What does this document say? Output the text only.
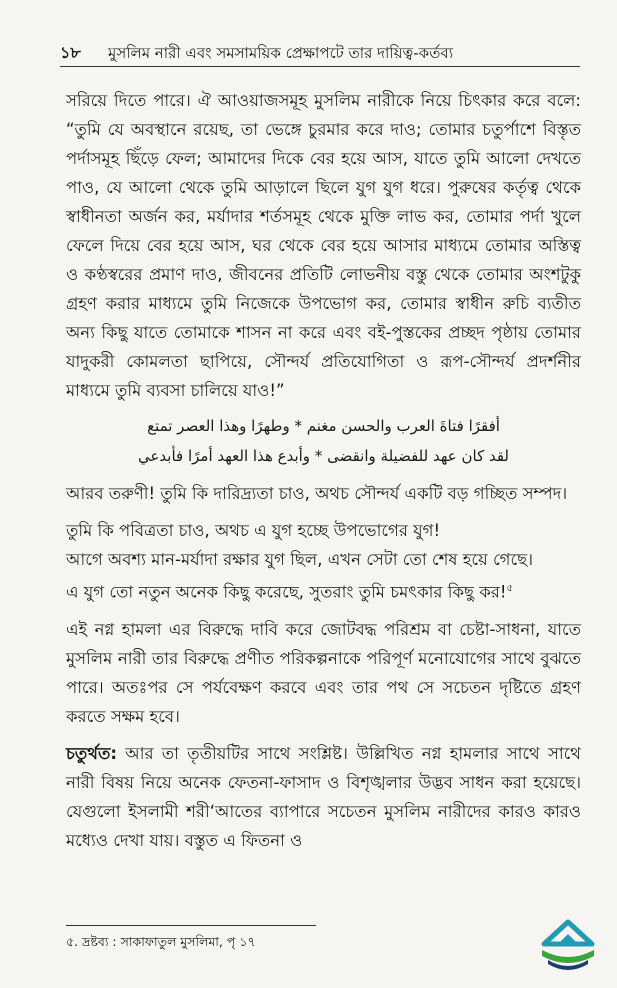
১৮	মুসলিম নারী এবং সমসাময়িক প্রেক্ষাপটে তার দায়িত্ব-কর্তব্য

সরিয়ে দিতে পারে। ঐ আওয়াজসমূহ মুসলিম নারীকে নিয়ে চিৎকার করে বলে: “তুমি যে অবস্থানে রয়েছ, তা ভেঙ্গে চুরমার করে দাও; তোমার চতুর্পাশে বিস্তৃত পর্দাসমূহ ছিঁড়ে ফেল; আমাদের দিকে বের হয়ে আস, যাতে তুমি আলো দেখতে পাও, যে আলো থেকে তুমি আড়ালে ছিলে যুগ যুগ ধরে। পুরুষের কর্তৃত্ব থেকে স্বাধীনতা অর্জন কর, মর্যাদার শর্তসমূহ থেকে মুক্তি লাভ কর, তোমার পর্দা খুলে ফেলে দিয়ে বের হয়ে আস, ঘর থেকে বের হয়ে আসার মাধ্যমে তোমার অস্তিত্ব ও কণ্ঠস্বরের প্রমাণ দাও, জীবনের প্রতিটি লোভনীয় বস্তু থেকে তোমার অংশটুকু গ্রহণ করার মাধ্যমে তুমি নিজেকে উপভোগ কর, তোমার স্বাধীন রুচি ব্যতীত অন্য কিছু যাতে তোমাকে শাসন না করে এবং বই-পুস্তকের প্রচ্ছদ পৃষ্ঠায় তোমার যাদুকরী কোমলতা ছাপিয়ে, সৌন্দর্য প্রতিযোগিতা ও রূপ-সৌন্দর্য প্রদর্শনীর মাধ্যমে তুমি ব্যবসা চালিয়ে যাও!”

أفقرًا فتاةَ العرب والحسن مغنم * وطهرًا وهذا العصر تمتع

لقد كان عهد للفضيلة وانقضى * وأبدع هذا العهد أمرًا فأبدعي

আরব তরুণী! তুমি কি দারিদ্র্যতা চাও, অথচ সৌন্দর্য একটি বড় গচ্ছিত সম্পদ।

তুমি কি পবিত্রতা চাও, অথচ এ যুগ হচ্ছে উপভোগের যুগ!

আগে অবশ্য মান-মর্যাদা রক্ষার যুগ ছিল, এখন সেটা তো শেষ হয়ে গেছে।

এ যুগ তো নতুন অনেক কিছু করেছে, সুতরাং তুমি চমৎকার কিছু কর!$^৫$

এই নগ্ন হামলা এর বিরুদ্ধে দাবি করে জোটবদ্ধ পরিশ্রম বা চেষ্টা-সাধনা, যাতে মুসলিম নারী তার বিরুদ্ধে প্রণীত পরিকল্পনাকে পরিপূর্ণ মনোযোগের সাথে বুঝতে পারে। অতঃপর সে পর্যবেক্ষণ করবে এবং তার পথ সে সচেতন দৃষ্টিতে গ্রহণ করতে সক্ষম হবে।

চতুর্থত: আর তা তৃতীয়টির সাথে সংশ্লিষ্ট। উল্লিখিত নগ্ন হামলার সাথে সাথে নারী বিষয় নিয়ে অনেক ফেতনা-ফাসাদ ও বিশৃঙ্খলার উদ্ভব সাধন করা হয়েছে। যেগুলো ইসলামী শরী‘আতের ব্যাপারে সচেতন মুসলিম নারীদের কারও কারও মধ্যেও দেখা যায়। বস্তুত এ ফিতনা ও

৫. দ্রষ্টব্য : সাকাফাতুল মুসলিমা, পৃ ১৭
